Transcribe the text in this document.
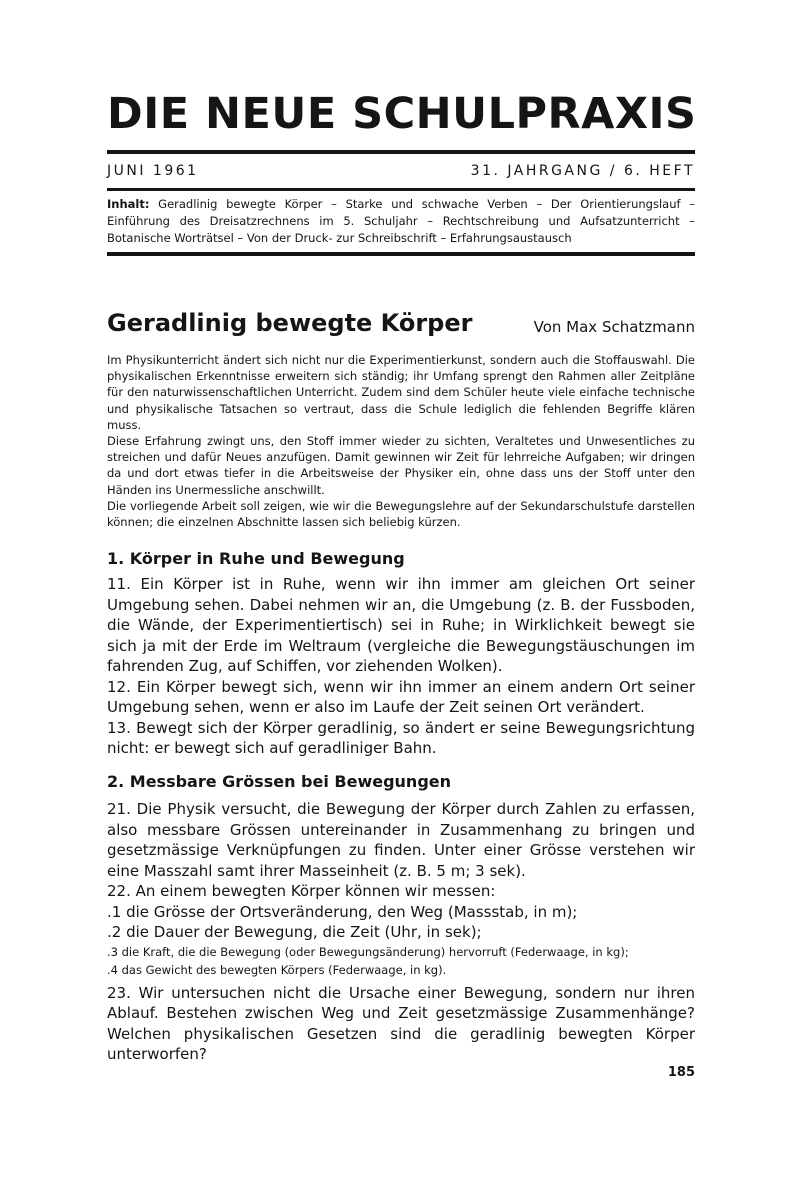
DIE NEUE SCHULPRAXIS
JUNI 1961	31. JAHRGANG / 6. HEFT
Inhalt: Geradlinig bewegte Körper – Starke und schwache Verben – Der Orientierungslauf – Einführung des Dreisatzrechnens im 5. Schuljahr – Rechtschreibung und Aufsatzunterricht – Botanische Worträtsel – Von der Druck- zur Schreibschrift – Erfahrungsaustausch
Geradlinig bewegte Körper	Von Max Schatzmann

Im Physikunterricht ändert sich nicht nur die Experimentierkunst, sondern auch die Stoffauswahl. Die physikalischen Erkenntnisse erweitern sich ständig; ihr Umfang sprengt den Rahmen aller Zeitpläne für den naturwissenschaftlichen Unterricht. Zudem sind dem Schüler heute viele einfache technische und physikalische Tatsachen so vertraut, dass die Schule lediglich die fehlenden Begriffe klären muss.

Diese Erfahrung zwingt uns, den Stoff immer wieder zu sichten, Veraltetes und Unwesentliches zu streichen und dafür Neues anzufügen. Damit gewinnen wir Zeit für lehrreiche Aufgaben; wir dringen da und dort etwas tiefer in die Arbeitsweise der Physiker ein, ohne dass uns der Stoff unter den Händen ins Unermessliche anschwillt.

Die vorliegende Arbeit soll zeigen, wie wir die Bewegungslehre auf der Sekundarschulstufe darstellen können; die einzelnen Abschnitte lassen sich beliebig kürzen.

1. Körper in Ruhe und Bewegung

11. Ein Körper ist in Ruhe, wenn wir ihn immer am gleichen Ort seiner Umgebung sehen. Dabei nehmen wir an, die Umgebung (z. B. der Fussboden, die Wände, der Experimentiertisch) sei in Ruhe; in Wirklichkeit bewegt sie sich ja mit der Erde im Weltraum (vergleiche die Bewegungstäuschungen im fahrenden Zug, auf Schiffen, vor ziehenden Wolken).

12. Ein Körper bewegt sich, wenn wir ihn immer an einem andern Ort seiner Umgebung sehen, wenn er also im Laufe der Zeit seinen Ort verändert.

13. Bewegt sich der Körper geradlinig, so ändert er seine Bewegungsrichtung nicht: er bewegt sich auf geradliniger Bahn.

2. Messbare Grössen bei Bewegungen

21. Die Physik versucht, die Bewegung der Körper durch Zahlen zu erfassen, also messbare Grössen untereinander in Zusammenhang zu bringen und gesetzmässige Verknüpfungen zu finden. Unter einer Grösse verstehen wir eine Masszahl samt ihrer Masseinheit (z. B. 5 m; 3 sek).

22. An einem bewegten Körper können wir messen:

.1 die Grösse der Ortsveränderung, den Weg (Massstab, in m);

.2 die Dauer der Bewegung, die Zeit (Uhr, in sek);

.3 die Kraft, die die Bewegung (oder Bewegungsänderung) hervorruft (Federwaage, in kg);

.4 das Gewicht des bewegten Körpers (Federwaage, in kg).

23. Wir untersuchen nicht die Ursache einer Bewegung, sondern nur ihren Ablauf. Bestehen zwischen Weg und Zeit gesetzmässige Zusammenhänge? Welchen physikalischen Gesetzen sind die geradlinig bewegten Körper unterworfen?

185
